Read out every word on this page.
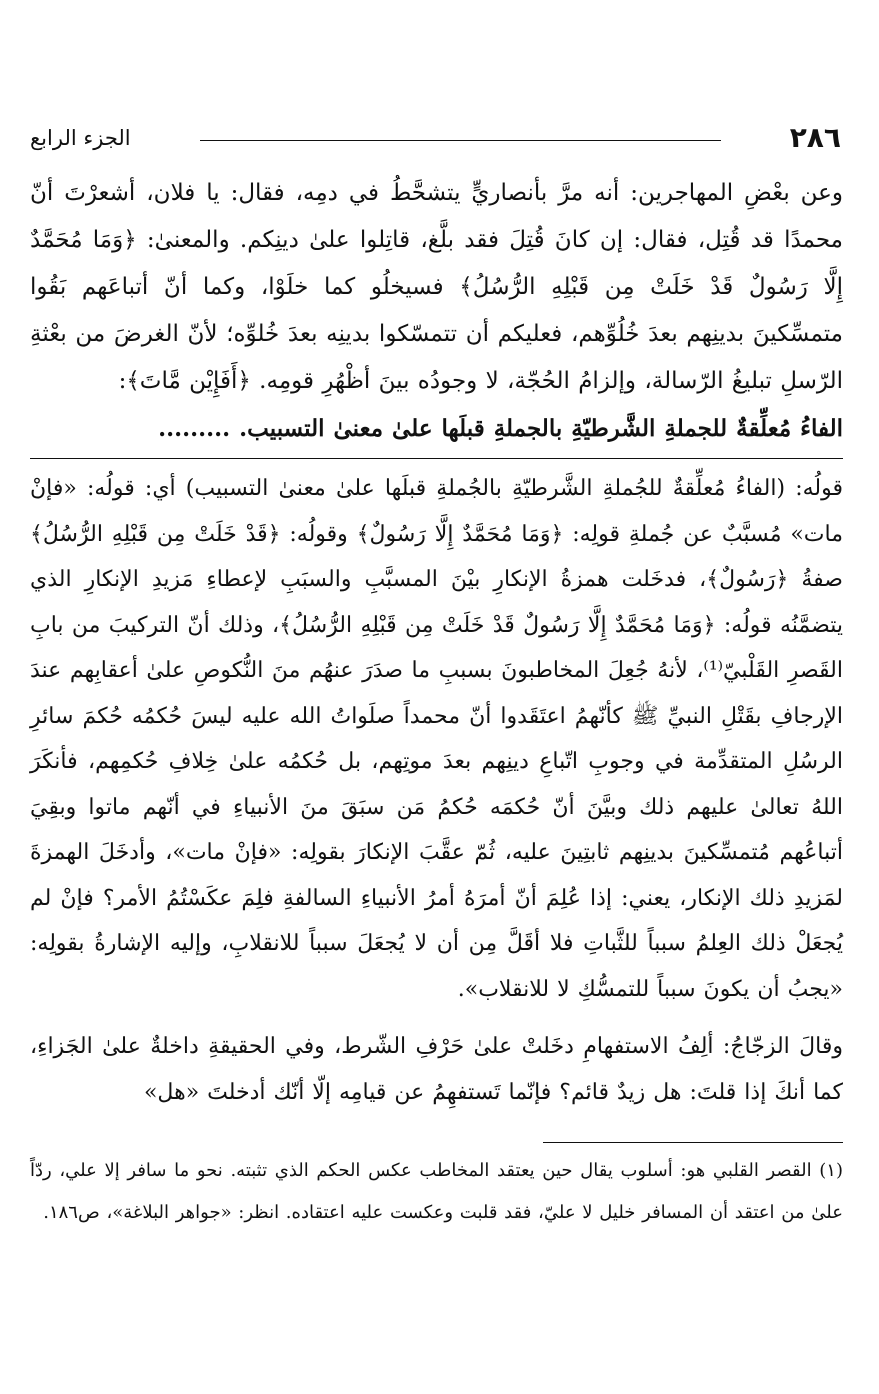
٢٨٦
الجزء الرابع

وعن بعْضِ المهاجرين: أنه مرَّ بأنصاريٍّ يتشحَّطُ في دمِه، فقال: يا فلان، أشعرْتَ أنّ محمدًا قد قُتِل، فقال: إن كانَ قُتِلَ فقد بلَّغ، قاتِلوا علىٰ دينِكم. والمعنىٰ: ﴿وَمَا مُحَمَّدٌ إِلَّا رَسُولٌ قَدْ خَلَتْ مِن قَبْلِهِ الرُّسُلُ﴾ فسيخلُو كما خلَوْا، وكما أنّ أتباعَهم بَقُوا متمسِّكينَ بدينِهم بعدَ خُلُوِّهم، فعليكم أن تتمسّكوا بدينِه بعدَ خُلوِّه؛ لأنّ الغرضَ من بعْثةِ الرّسلِ تبليغُ الرّسالة، وإلزامُ الحُجّة، لا وجودُه بينَ أظْهُرِ قومِه. ﴿أَفَإِيْن مَّاتَ﴾:

الفاءُ مُعلِّقةٌ للجملةِ الشَّرطيّةِ بالجملةِ قبلَها علىٰ معنىٰ التسبيب. .........

قولُه: (الفاءُ مُعلِّقةٌ للجُملةِ الشَّرطيّةِ بالجُملةِ قبلَها علىٰ معنىٰ التسبيب) أي: قولُه: «فإنْ مات» مُسبَّبٌ عن جُملةِ قولِه: ﴿وَمَا مُحَمَّدٌ إِلَّا رَسُولٌ﴾ وقولُه: ﴿قَدْ خَلَتْ مِن قَبْلِهِ الرُّسُلُ﴾ صفةُ ﴿رَسُولٌ﴾، فدخَلت همزةُ الإنكارِ بيْنَ المسبَّبِ والسبَبِ لإعطاءِ مَزيدِ الإنكارِ الذي يتضمَّنُه قولُه: ﴿وَمَا مُحَمَّدٌ إِلَّا رَسُولٌ قَدْ خَلَتْ مِن قَبْلِهِ الرُّسُلُ﴾، وذلك أنّ التركيبَ من بابِ القَصرِ القَلْبيّ⁽¹⁾، لأنهُ جُعِلَ المخاطبونَ بسببِ ما صدَرَ عنهُم منَ النُّكوصِ علىٰ أعقابِهم عندَ الإرجافِ بقَتْلِ النبيِّ ﷺ كأنّهمُ اعتَقَدوا أنّ محمداً صلَواتُ الله عليه ليسَ حُكمُه حُكمَ سائرِ الرسُلِ المتقدِّمة في وجوبِ اتّباعِ دينِهم بعدَ موتِهم، بل حُكمُه علىٰ خِلافِ حُكمِهم، فأنكَرَ اللهُ تعالىٰ عليهم ذلك وبيَّنَ أنّ حُكمَه حُكمُ مَن سبَقَ منَ الأنبياءِ في أنّهم ماتوا وبقِيَ أتباعُهم مُتمسِّكينَ بدينِهم ثابتِينَ عليه، ثُمّ عقَّبَ الإنكارَ بقولِه: «فإنْ مات»، وأدخَلَ الهمزةَ لمَزيدِ ذلك الإنكار، يعني: إذا عُلِمَ أنّ أمرَهُ أمرُ الأنبياءِ السالفةِ فلِمَ عكَسْتُمُ الأمر؟ فإنْ لم يُجعَلْ ذلك العِلمُ سبباً للثَّباتِ فلا أقَلَّ مِن أن لا يُجعَلَ سبباً للانقلابِ، وإليه الإشارةُ بقولِه: «يجبُ أن يكونَ سبباً للتمسُّكِ لا للانقلاب».

وقالَ الزجّاجُ: ألِفُ الاستفهامِ دخَلتْ علىٰ حَرْفِ الشّرط، وفي الحقيقةِ داخلةٌ علىٰ الجَزاءِ، كما أنكَ إذا قلتَ: هل زيدٌ قائم؟ فإنّما تَستفهِمُ عن قيامِه إلّا أنّك أدخلتَ «هل»

(١) القصر القلبي هو: أسلوب يقال حين يعتقد المخاطب عكس الحكم الذي تثبته. نحو ما سافر إلا علي، ردّاً علىٰ من اعتقد أن المسافر خليل لا عليّ، فقد قلبت وعكست عليه اعتقاده. انظر: «جواهر البلاغة»، ص١٨٦.
